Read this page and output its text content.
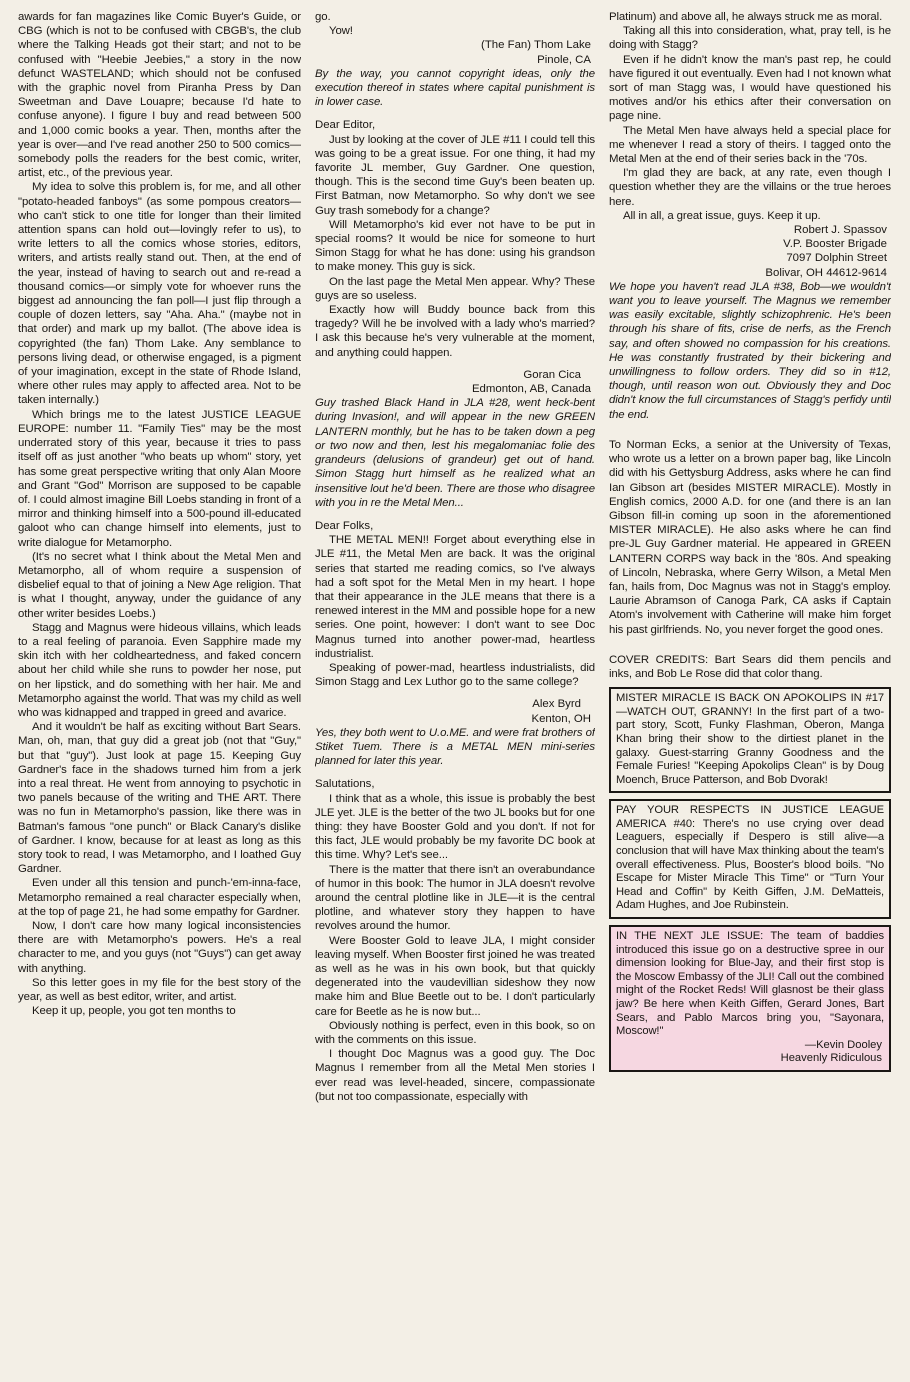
awards for fan magazines like Comic Buyer's Guide, or CBG (which is not to be confused with CBGB's, the club where the Talking Heads got their start; and not to be confused with "Heebie Jeebies," a story in the now defunct WASTELAND; which should not be confused with the graphic novel from Piranha Press by Dan Sweetman and Dave Louapre; because I'd hate to confuse anyone). I figure I buy and read between 500 and 1,000 comic books a year. Then, months after the year is over—and I've read another 250 to 500 comics—somebody polls the readers for the best comic, writer, artist, etc., of the previous year.

My idea to solve this problem is, for me, and all other "potato-headed fanboys" (as some pompous creators—who can't stick to one title for longer than their limited attention spans can hold out—lovingly refer to us), to write letters to all the comics whose stories, editors, writers, and artists really stand out. Then, at the end of the year, instead of having to search out and re-read a thousand comics—or simply vote for whoever runs the biggest ad announcing the fan poll—I just flip through a couple of dozen letters, say "Aha. Aha." (maybe not in that order) and mark up my ballot. (The above idea is copyrighted (the fan) Thom Lake. Any semblance to persons living dead, or otherwise engaged, is a pigment of your imagination, except in the state of Rhode Island, where other rules may apply to affected area. Not to be taken internally.)

Which brings me to the latest JUSTICE LEAGUE EUROPE: number 11. "Family Ties" may be the most underrated story of this year, because it tries to pass itself off as just another "who beats up whom" story, yet has some great perspective writing that only Alan Moore and Grant "God" Morrison are supposed to be capable of. I could almost imagine Bill Loebs standing in front of a mirror and thinking himself into a 500-pound ill-educated galoot who can change himself into elements, just to write dialogue for Metamorpho.

(It's no secret what I think about the Metal Men and Metamorpho, all of whom require a suspension of disbelief equal to that of joining a New Age religion. That is what I thought, anyway, under the guidance of any other writer besides Loebs.)

Stagg and Magnus were hideous villains, which leads to a real feeling of paranoia. Even Sapphire made my skin itch with her coldheartedness, and faked concern about her child while she runs to powder her nose, put on her lipstick, and do something with her hair. Me and Metamorpho against the world. That was my child as well who was kidnapped and trapped in greed and avarice.

And it wouldn't be half as exciting without Bart Sears. Man, oh, man, that guy did a great job (not that "Guy," but that "guy"). Just look at page 15. Keeping Guy Gardner's face in the shadows turned him from a jerk into a real threat. He went from annoying to psychotic in two panels because of the writing and THE ART. There was no fun in Metamorpho's passion, like there was in Batman's famous "one punch" or Black Canary's dislike of Gardner. I know, because for at least as long as this story took to read, I was Metamorpho, and I loathed Guy Gardner.

Even under all this tension and punch-'em-inna-face, Metamorpho remained a real character especially when, at the top of page 21, he had some empathy for Gardner.

Now, I don't care how many logical inconsistencies there are with Metamorpho's powers. He's a real character to me, and you guys (not "Guys") can get away with anything.

So this letter goes in my file for the best story of the year, as well as best editor, writer, and artist.

Keep it up, people, you got ten months to

go.

Yow!

(The Fan) Thom Lake
Pinole, CA

By the way, you cannot copyright ideas, only the execution thereof in states where capital punishment is in lower case.

Dear Editor,

Just by looking at the cover of JLE #11 I could tell this was going to be a great issue. For one thing, it had my favorite JL member, Guy Gardner. One question, though. This is the second time Guy's been beaten up. First Batman, now Metamorpho. So why don't we see Guy trash somebody for a change?

Will Metamorpho's kid ever not have to be put in special rooms? It would be nice for someone to hurt Simon Stagg for what he has done: using his grandson to make money. This guy is sick.

On the last page the Metal Men appear. Why? These guys are so useless.

Exactly how will Buddy bounce back from this tragedy? Will he be involved with a lady who's married? I ask this because he's very vulnerable at the moment, and anything could happen.

Goran Cica
Edmonton, AB, Canada

Guy trashed Black Hand in JLA #28, went heck-bent during Invasion!, and will appear in the new GREEN LANTERN monthly, but he has to be taken down a peg or two now and then, lest his megalomaniac folie des grandeurs (delusions of grandeur) get out of hand. Simon Stagg hurt himself as he realized what an insensitive lout he'd been. There are those who disagree with you in re the Metal Men...

Dear Folks,

THE METAL MEN!! Forget about everything else in JLE #11, the Metal Men are back. It was the original series that started me reading comics, so I've always had a soft spot for the Metal Men in my heart. I hope that their appearance in the JLE means that there is a renewed interest in the MM and possible hope for a new series. One point, however: I don't want to see Doc Magnus turned into another power-mad, heartless industrialist.

Speaking of power-mad, heartless industrialists, did Simon Stagg and Lex Luthor go to the same college?

Alex Byrd
Kenton, OH

Yes, they both went to U.o.ME. and were frat brothers of Stiket Tuem. There is a METAL MEN mini-series planned for later this year.

Salutations,

I think that as a whole, this issue is probably the best JLE yet. JLE is the better of the two JL books but for one thing: they have Booster Gold and you don't. If not for this fact, JLE would probably be my favorite DC book at this time. Why? Let's see...

There is the matter that there isn't an overabundance of humor in this book: The humor in JLA doesn't revolve around the central plotline like in JLE—it is the central plotline, and whatever story they happen to have revolves around the humor.

Were Booster Gold to leave JLA, I might consider leaving myself. When Booster first joined he was treated as well as he was in his own book, but that quickly degenerated into the vaudevillian sideshow they now make him and Blue Beetle out to be. I don't particularly care for Beetle as he is now but...

Obviously nothing is perfect, even in this book, so on with the comments on this issue.

I thought Doc Magnus was a good guy. The Doc Magnus I remember from all the Metal Men stories I ever read was level-headed, sincere, compassionate (but not too compassionate, especially with

Platinum) and above all, he always struck me as moral.

Taking all this into consideration, what, pray tell, is he doing with Stagg?

Even if he didn't know the man's past rep, he could have figured it out eventually. Even had I not known what sort of man Stagg was, I would have questioned his motives and/or his ethics after their conversation on page nine.

The Metal Men have always held a special place for me whenever I read a story of theirs. I tagged onto the Metal Men at the end of their series back in the '70s.

I'm glad they are back, at any rate, even though I question whether they are the villains or the true heroes here.

All in all, a great issue, guys. Keep it up.

Robert J. Spassov
V.P. Booster Brigade
7097 Dolphin Street
Bolivar, OH 44612-9614

We hope you haven't read JLA #38, Bob—we wouldn't want you to leave yourself. The Magnus we remember was easily excitable, slightly schizophrenic. He's been through his share of fits, crise de nerfs, as the French say, and often showed no compassion for his creations. He was constantly frustrated by their bickering and unwillingness to follow orders. They did so in #12, though, until reason won out. Obviously they and Doc didn't know the full circumstances of Stagg's perfidy until the end.

To Norman Ecks, a senior at the University of Texas, who wrote us a letter on a brown paper bag, like Lincoln did with his Gettysburg Address, asks where he can find Ian Gibson art (besides MISTER MIRACLE). Mostly in English comics, 2000 A.D. for one (and there is an Ian Gibson fill-in coming up soon in the aforementioned MISTER MIRACLE). He also asks where he can find pre-JL Guy Gardner material. He appeared in GREEN LANTERN CORPS way back in the '80s. And speaking of Lincoln, Nebraska, where Gerry Wilson, a Metal Men fan, hails from, Doc Magnus was not in Stagg's employ. Laurie Abramson of Canoga Park, CA asks if Captain Atom's involvement with Catherine will make him forget his past girlfriends. No, you never forget the good ones.

COVER CREDITS: Bart Sears did them pencils and inks, and Bob Le Rose did that color thang.

MISTER MIRACLE IS BACK ON APOKOLIPS IN #17—WATCH OUT, GRANNY! In the first part of a two-part story, Scott, Funky Flashman, Oberon, Manga Khan bring their show to the dirtiest planet in the galaxy. Guest-starring Granny Goodness and the Female Furies! "Keeping Apokolips Clean" is by Doug Moench, Bruce Patterson, and Bob Dvorak!

PAY YOUR RESPECTS IN JUSTICE LEAGUE AMERICA #40: There's no use crying over dead Leaguers, especially if Despero is still alive—a conclusion that will have Max thinking about the team's overall effectiveness. Plus, Booster's blood boils. "No Escape for Mister Miracle This Time" or "Turn Your Head and Coffin" by Keith Giffen, J.M. DeMatteis, Adam Hughes, and Joe Rubinstein.

IN THE NEXT JLE ISSUE: The team of baddies introduced this issue go on a destructive spree in our dimension looking for Blue-Jay, and their first stop is the Moscow Embassy of the JLI! Call out the combined might of the Rocket Reds! Will glasnost be their glass jaw? Be here when Keith Giffen, Gerard Jones, Bart Sears, and Pablo Marcos bring you, "Sayonara, Moscow!"

—Kevin Dooley
Heavenly Ridiculous
